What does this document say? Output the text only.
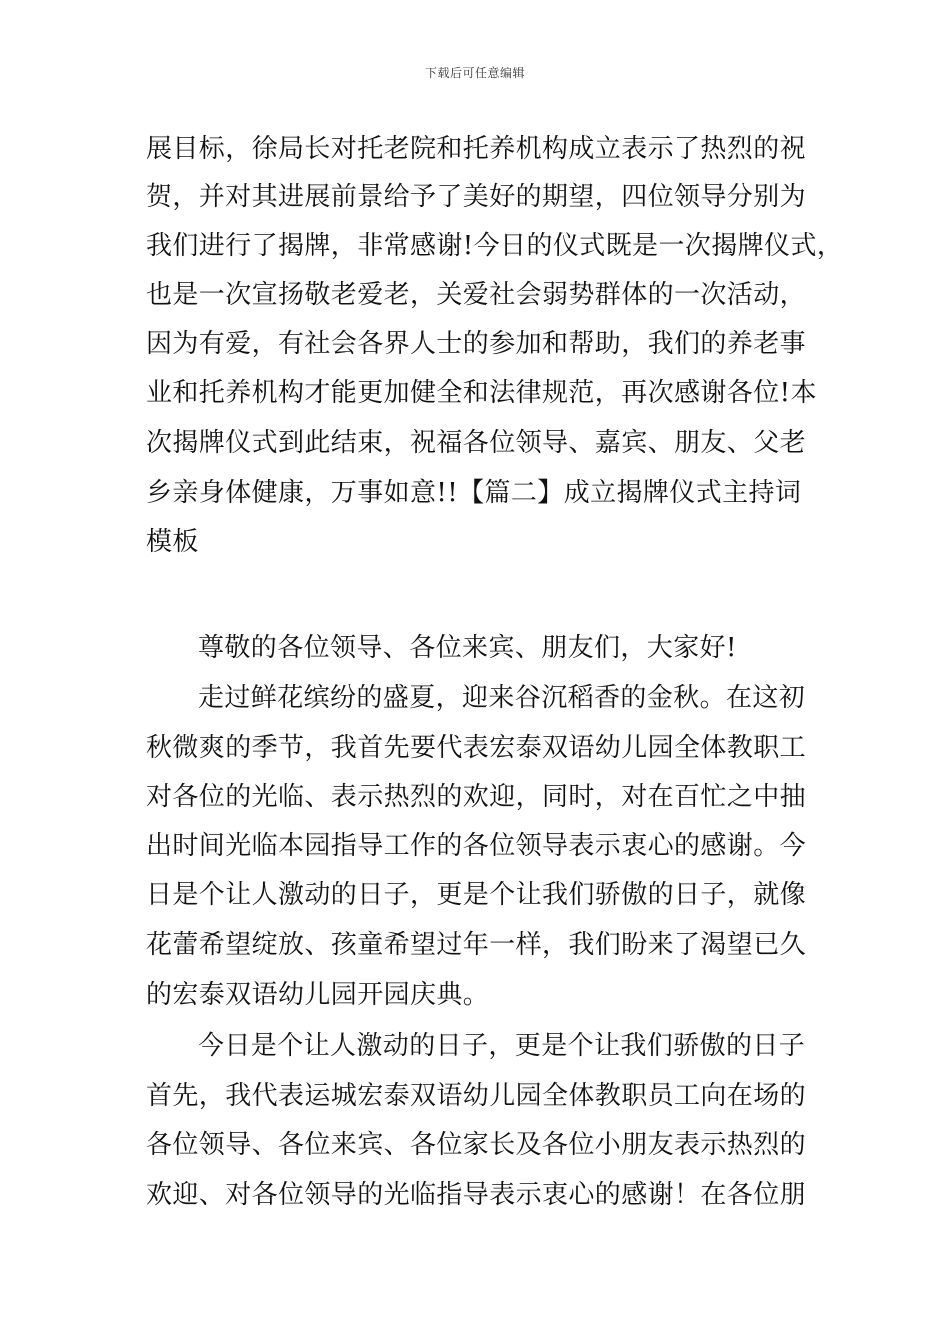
下载后可任意编辑
展目标，徐局长对托老院和托养机构成立表示了热烈的祝
贺，并对其进展前景给予了美好的期望，四位领导分别为
我们进行了揭牌，非常感谢!今日的仪式既是一次揭牌仪式，
也是一次宣扬敬老爱老，关爱社会弱势群体的一次活动，
因为有爱，有社会各界人士的参加和帮助，我们的养老事
业和托养机构才能更加健全和法律规范，再次感谢各位!本
次揭牌仪式到此结束，祝福各位领导、嘉宾、朋友、父老
乡亲身体健康，万事如意!!【篇二】成立揭牌仪式主持词
模板
尊敬的各位领导、各位来宾、朋友们，大家好!
走过鲜花缤纷的盛夏，迎来谷沉稻香的金秋。在这初
秋微爽的季节，我首先要代表宏泰双语幼儿园全体教职工
对各位的光临、表示热烈的欢迎，同时，对在百忙之中抽
出时间光临本园指导工作的各位领导表示衷心的感谢。今
日是个让人激动的日子，更是个让我们骄傲的日子，就像
花蕾希望绽放、孩童希望过年一样，我们盼来了渴望已久
的宏泰双语幼儿园开园庆典。
今日是个让人激动的日子，更是个让我们骄傲的日子
首先，我代表运城宏泰双语幼儿园全体教职员工向在场的
各位领导、各位来宾、各位家长及各位小朋友表示热烈的
欢迎、对各位领导的光临指导表示衷心的感谢！在各位朋
